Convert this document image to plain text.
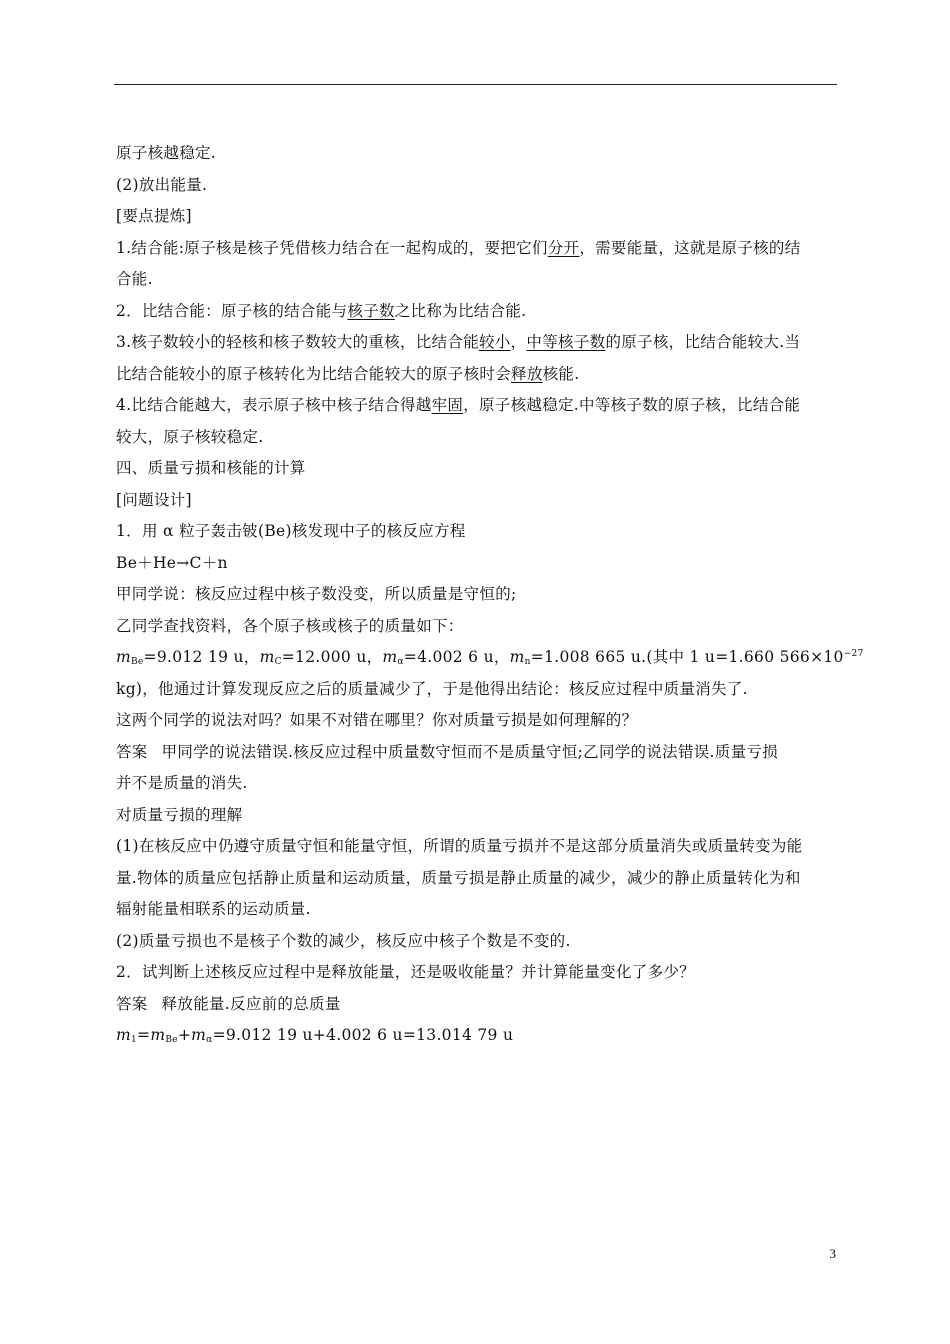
原子核越稳定.
(2)放出能量.
[要点提炼]
1.结合能:原子核是核子凭借核力结合在一起构成的，要把它们分开，需要能量，这就是原子核的结
合能.
2．比结合能：原子核的结合能与核子数之比称为比结合能.
3.核子数较小的轻核和核子数较大的重核，比结合能较小，中等核子数的原子核，比结合能较大.当
比结合能较小的原子核转化为比结合能较大的原子核时会释放核能.
4.比结合能越大，表示原子核中核子结合得越牢固，原子核越稳定.中等核子数的原子核，比结合能
较大，原子核较稳定.
四、质量亏损和核能的计算
[问题设计]
1．用 α 粒子轰击铍(Be)核发现中子的核反应方程
Be＋He→C＋n
甲同学说：核反应过程中核子数没变，所以质量是守恒的;
乙同学查找资料，各个原子核或核子的质量如下：
$m_{Be}=9.012$ 19 u，$m_C=12.000$ u，$m_\alpha=4.002$ 6 u，$m_n=1.008$ 665 u.(其中 1 u=1.660 $566\times 10^{-27}$
kg)，他通过计算发现反应之后的质量减少了，于是他得出结论：核反应过程中质量消失了.
这两个同学的说法对吗？如果不对错在哪里？你对质量亏损是如何理解的？
答案 甲同学的说法错误.核反应过程中质量数守恒而不是质量守恒;乙同学的说法错误.质量亏损
并不是质量的消失.
对质量亏损的理解
(1)在核反应中仍遵守质量守恒和能量守恒，所谓的质量亏损并不是这部分质量消失或质量转变为能
量.物体的质量应包括静止质量和运动质量，质量亏损是静止质量的减少，减少的静止质量转化为和
辐射能量相联系的运动质量.
(2)质量亏损也不是核子个数的减少，核反应中核子个数是不变的.
2．试判断上述核反应过程中是释放能量，还是吸收能量？并计算能量变化了多少？
答案 释放能量.反应前的总质量
$m_1=m_{Be}+m_\alpha=9.012$ 19 u+4.002 6 u=13.014 79 u
3
